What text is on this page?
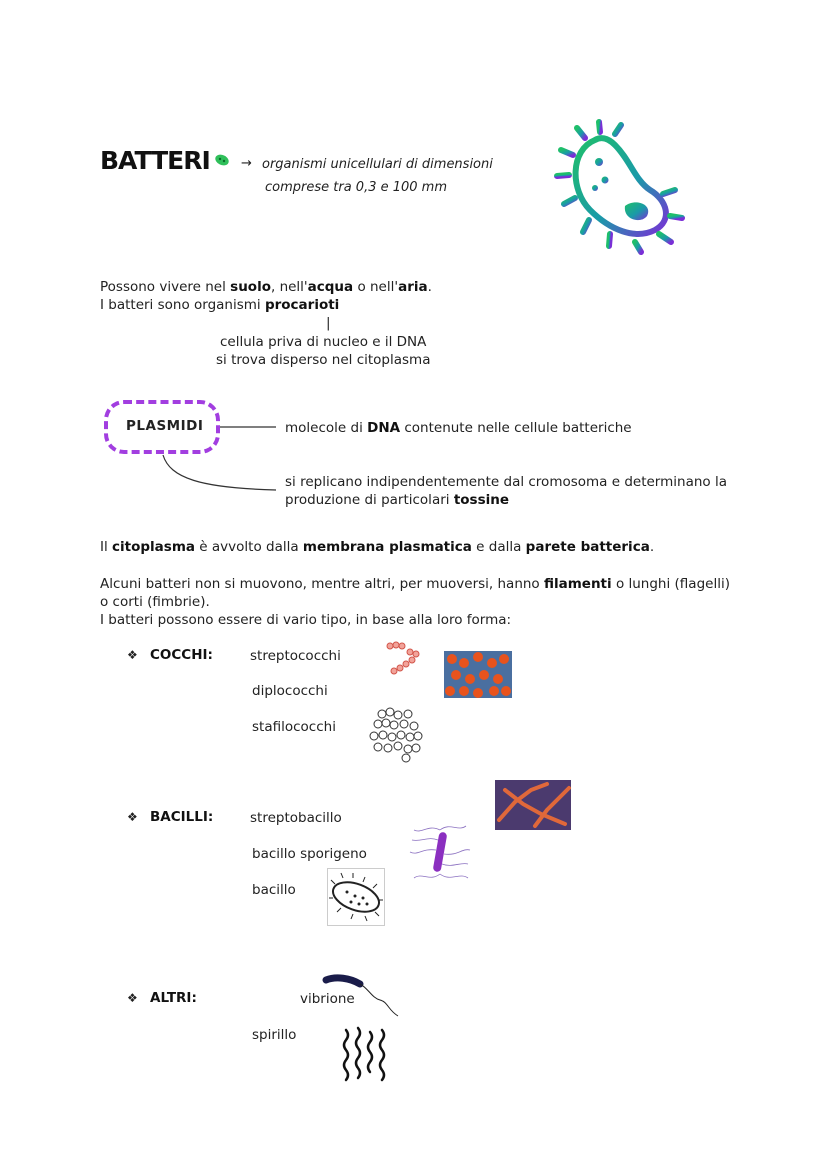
BATTERI → organismi unicellulari di dimensioni
comprese tra 0,3 e 100 mm
Possono vivere nel suolo, nell'acqua o nell'aria.
I batteri sono organismi procarioti
|
cellula priva di nucleo e il DNA
si trova disperso nel citoplasma
PLASMIDI	molecole di DNA contenute nelle cellule batteriche
si replicano indipendentemente dal cromosoma e determinano la
produzione di particolari tossine
Il citoplasma è avvolto dalla membrana plasmatica e dalla parete batterica.
Alcuni batteri non si muovono, mentre altri, per muoversi, hanno filamenti o lunghi (flagelli)
o corti (fimbrie).
I batteri possono essere di vario tipo, in base alla loro forma:
❖ COCCHI:	streptococchi
diplococchi
stafilococchi
❖ BACILLI:	streptobacillo
bacillo sporigeno
bacillo
❖ ALTRI:	vibrione
spirillo
